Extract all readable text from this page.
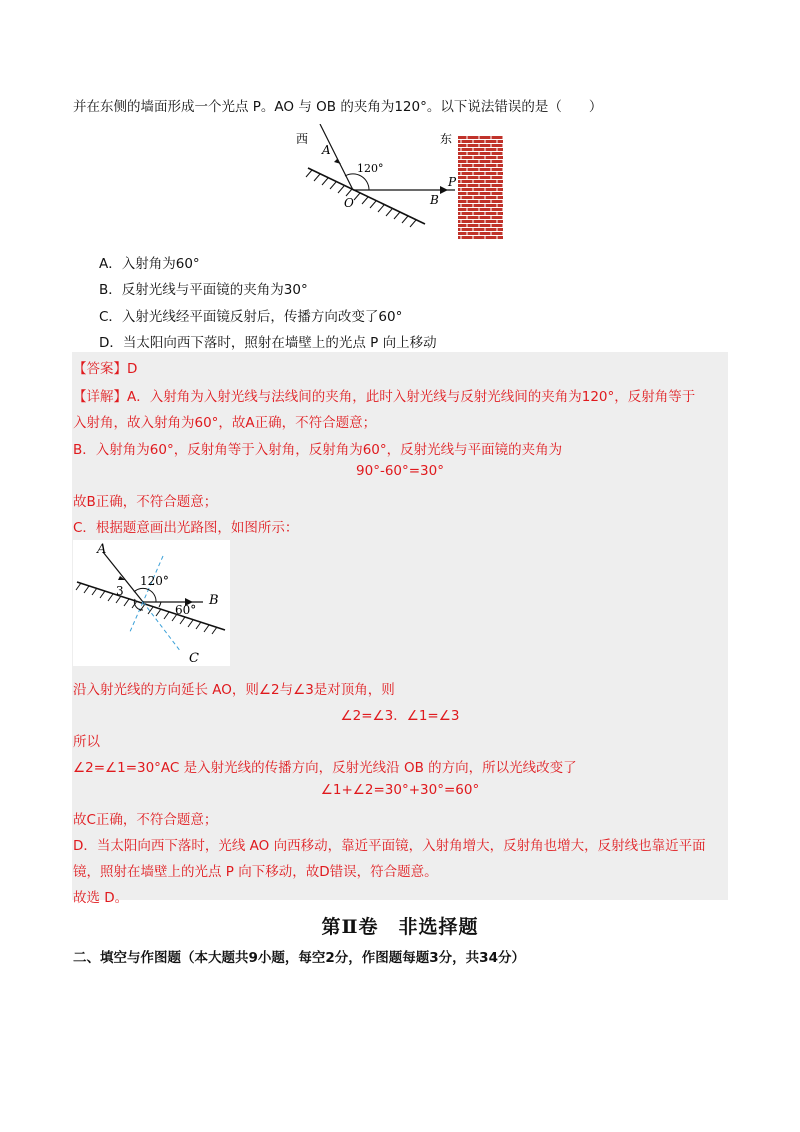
并在东侧的墙面形成一个光点 P。AO 与 OB 的夹角为120°。以下说法错误的是（　　）
西	东
A
120°
O	B
P
A．入射角为60°
B．反射光线与平面镜的夹角为30°
C．入射光线经平面镜反射后，传播方向改变了60°
D．当太阳向西下落时，照射在墙壁上的光点 P 向上移动
【答案】D
【详解】A．入射角为入射光线与法线间的夹角，此时入射光线与反射光线间的夹角为120°，反射角等于
入射角，故入射角为60°，故A正确，不符合题意；
B．入射角为60°，反射角等于入射角，反射角为60°，反射光线与平面镜的夹角为
90°-60°=30°
故B正确，不符合题意；
C．根据题意画出光路图，如图所示：
A
3
120°
60°
B
C
沿入射光线的方向延长 AO，则∠2与∠3是对顶角，则
∠2=∠3．∠1=∠3
所以
∠2=∠1=30°AC 是入射光线的传播方向，反射光线沿 OB 的方向，所以光线改变了
∠1+∠2=30°+30°=60°
故C正确，不符合题意；
D．当太阳向西下落时，光线 AO 向西移动，靠近平面镜，入射角增大，反射角也增大，反射线也靠近平面
镜，照射在墙壁上的光点 P 向下移动，故D错误，符合题意。
故选 D。
第Ⅱ卷　非选择题
二、填空与作图题（本大题共9小题，每空2分，作图题每题3分，共34分）
